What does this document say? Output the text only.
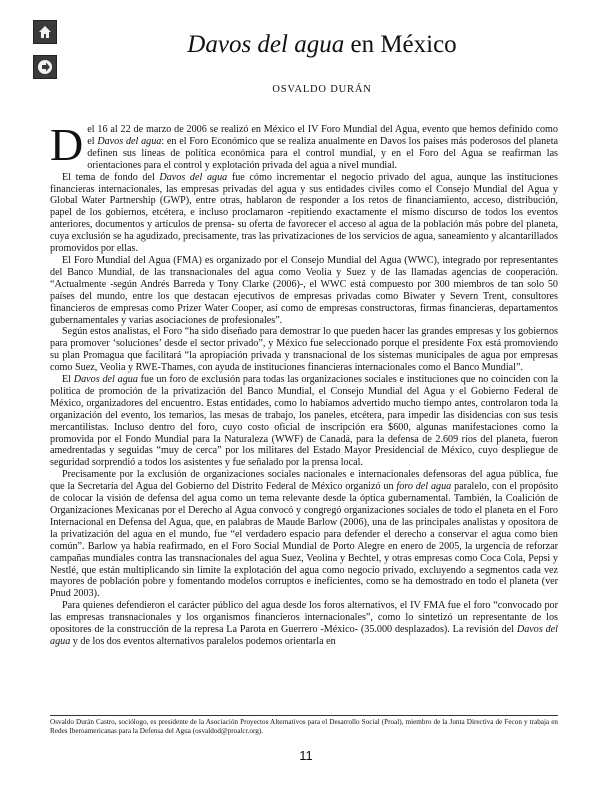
Davos del agua en México
OSVALDO DURÁN

Del 16 al 22 de marzo de 2006 se realizó en México el IV Foro Mundial del Agua, evento que hemos definido como el Davos del agua: en el Foro Económico que se realiza anualmente en Davos los países más poderosos del planeta definen sus líneas de política económica para el control mundial, y en el Foro del Agua se reafirman las orientaciones para el control y explotación privada del agua a nivel mundial.

El tema de fondo del Davos del agua fue cómo incrementar el negocio privado del agua, aunque las instituciones financieras internacionales, las empresas privadas del agua y sus entidades civiles como el Consejo Mundial del Agua y Global Water Partnership (GWP), entre otras, hablaron de responder a los retos de financiamiento, acceso, distribución, papel de los gobiernos, etcétera, e incluso proclamaron -repitiendo exactamente el mismo discurso de todos los eventos anteriores, documentos y artículos de prensa- su oferta de favorecer el acceso al agua de la población más pobre del planeta, cuya exclusión se ha agudizado, precisamente, tras las privatizaciones de los servicios de agua, saneamiento y alcantarillados promovidos por ellas.

El Foro Mundial del Agua (FMA) es organizado por el Consejo Mundial del Agua (WWC), integrado por representantes del Banco Mundial, de las transnacionales del agua como Veolia y Suez y de las llamadas agencias de cooperación. “Actualmente -según Andrés Barreda y Tony Clarke (2006)-, el WWC está compuesto por 300 miembros de tan solo 50 países del mundo, entre los que destacan ejecutivos de empresas privadas como Biwater y Severn Trent, consultores financieros de empresas como Prizer Water Cooper, así como de empresas constructoras, firmas financieras, departamentos gubernamentales y varias asociaciones de profesionales”.

Según estos analistas, el Foro “ha sido diseñado para demostrar lo que pueden hacer las grandes empresas y los gobiernos para promover ‘soluciones’ desde el sector privado”, y México fue seleccionado porque el presidente Fox está promoviendo su plan Promagua que facilitará “la apropiación privada y transnacional de los sistemas municipales de agua por empresas como Suez, Veolia y RWE-Thames, con ayuda de instituciones financieras internacionales como el Banco Mundial”.

El Davos del agua fue un foro de exclusión para todas las organizaciones sociales e instituciones que no coinciden con la política de promoción de la privatización del Banco Mundial, el Consejo Mundial del Agua y el Gobierno Federal de México, organizadores del encuentro. Estas entidades, como lo habíamos advertido mucho tiempo antes, controlaron toda la organización del evento, los temarios, las mesas de trabajo, los paneles, etcétera, para impedir las disidencias con sus tesis mercantilistas. Incluso dentro del foro, cuyo costo oficial de inscripción era $600, algunas manifestaciones como la promovida por el Fondo Mundial para la Naturaleza (WWF) de Canadá, para la defensa de 2.609 ríos del planeta, fueron amedrentadas y seguidas “muy de cerca” por los militares del Estado Mayor Presidencial de México, cuyo despliegue de seguridad sorprendió a todos los asistentes y fue señalado por la prensa local.

Precisamente por la exclusión de organizaciones sociales nacionales e internacionales defensoras del agua pública, fue que la Secretaría del Agua del Gobierno del Distrito Federal de México organizó un foro del agua paralelo, con el propósito de colocar la visión de defensa del agua como un tema relevante desde la óptica gubernamental. También, la Coalición de Organizaciones Mexicanas por el Derecho al Agua convocó y congregó organizaciones sociales de todo el planeta en el Foro Internacional en Defensa del Agua, que, en palabras de Maude Barlow (2006), una de las principales analistas y opositora de la privatización del agua en el mundo, fue “el verdadero espacio para defender el derecho a conservar el agua como bien común”. Barlow ya había reafirmado, en el Foro Social Mundial de Porto Alegre en enero de 2005, la urgencia de reforzar campañas mundiales contra las transnacionales del agua Suez, Veolina y Bechtel, y otras empresas como Coca Cola, Pepsi y Nestlé, que están multiplicando sin límite la explotación del agua como negocio privado, excluyendo a segmentos cada vez mayores de población pobre y fomentando modelos corruptos e ineficientes, como se ha demostrado en todo el planeta (ver Pnud 2003).

Para quienes defendieron el carácter público del agua desde los foros alternativos, el IV FMA fue el foro “convocado por las empresas transnacionales y los organismos financieros internacionales”, como lo sintetizó un representante de los opositores de la construcción de la represa La Parota en Guerrero -México- (35.000 desplazados). La revisión del Davos del agua y de los dos eventos alternativos paralelos podemos orientarla en

Osvaldo Durán Castro, sociólogo, es presidente de la Asociación Proyectos Alternativos para el Desarrollo Social (Proal), miembro de la Junta Directiva de Fecon y trabaja en Redes Iberoamericanas para la Defensa del Agua (osvaldod@proalcr.org).
11
